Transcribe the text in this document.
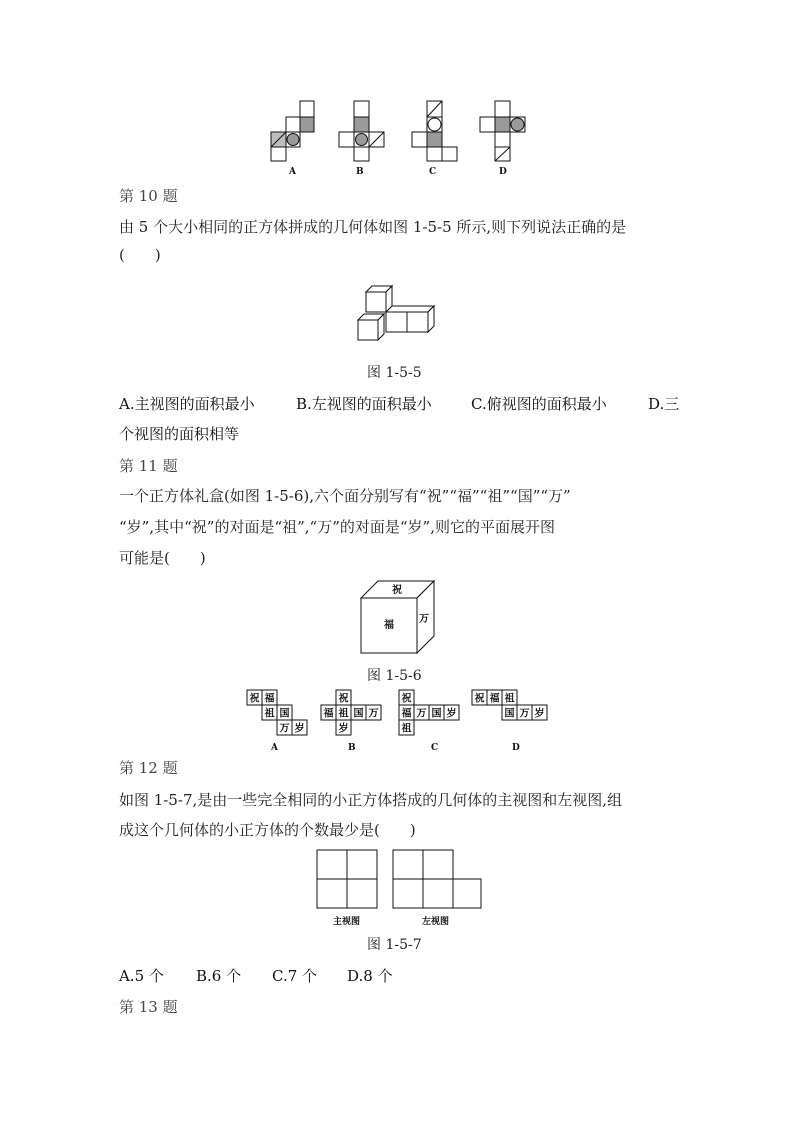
A	B	C	D
第 10 题
由 5 个大小相同的正方体拼成的几何体如图 1-5-5 所示,则下列说法正确的是
(　　)
图 1-5-5
A.主视图的面积最小	B.左视图的面积最小	C.俯视图的面积最小	D.三
个视图的面积相等
第 11 题
一个正方体礼盒(如图 1-5-6),六个面分别写有“祝”“福”“祖”“国”“万”
“岁”,其中“祝”的对面是“祖”,“万”的对面是“岁”,则它的平面展开图
可能是(　　)
祝
福
万
图 1-5-6
祝 福
祖 国
万 岁
祝
福 祖 国 万
岁
祝
福 万 国 岁
祖
祝 福 祖
国 万 岁
A	B	C	D
第 12 题
如图 1-5-7,是由一些完全相同的小正方体搭成的几何体的主视图和左视图,组
成这个几何体的小正方体的个数最少是(　　)
主视图	左视图
图 1-5-7
A.5 个 B.6 个 C.7 个 D.8 个
第 13 题
